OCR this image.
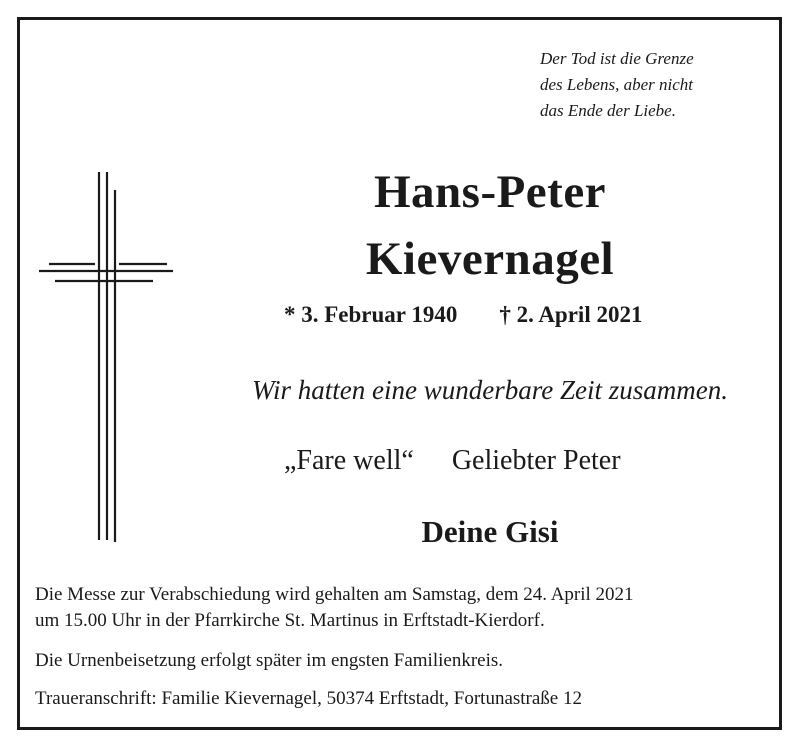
Der Tod ist die Grenze
des Lebens, aber nicht
das Ende der Liebe.
Hans-Peter
Kievernagel
* 3. Februar 1940 † 2. April 2021
Wir hatten eine wunderbare Zeit zusammen.
„Fare well“ Geliebter Peter
Deine Gisi
Die Messe zur Verabschiedung wird gehalten am Samstag, dem 24. April 2021
um 15.00 Uhr in der Pfarrkirche St. Martinus in Erftstadt-Kierdorf.
Die Urnenbeisetzung erfolgt später im engsten Familienkreis.
Traueranschrift: Familie Kievernagel, 50374 Erftstadt, Fortunastraße 12
